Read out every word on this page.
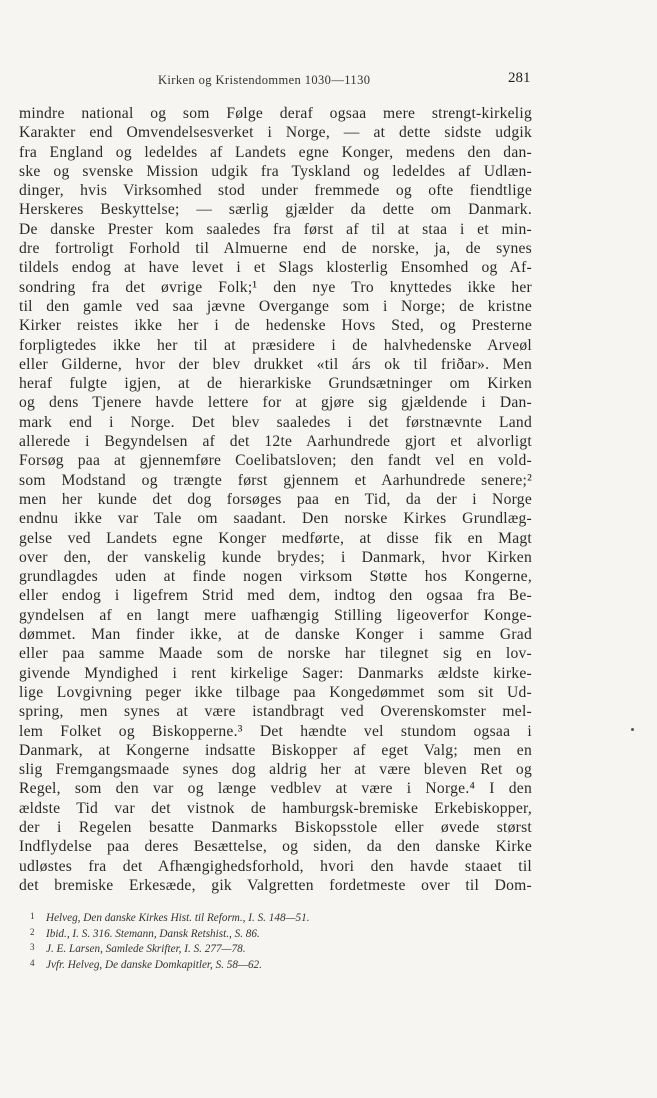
Kirken og Kristendommen 1030—1130	281
mindre national og som Følge deraf ogsaa mere strengt-kirkelig
Karakter end Omvendelsesverket i Norge, — at dette sidste udgik
fra England og ledeldes af Landets egne Konger, medens den dan-
ske og svenske Mission udgik fra Tyskland og ledeldes af Udlæn-
dinger, hvis Virksomhed stod under fremmede og ofte fiendtlige
Herskeres Beskyttelse; — særlig gjælder da dette om Danmark.
De danske Prester kom saaledes fra først af til at staa i et min-
dre fortroligt Forhold til Almuerne end de norske, ja, de synes
tildels endog at have levet i et Slags klosterlig Ensomhed og Af-
sondring fra det øvrige Folk;¹ den nye Tro knyttedes ikke her
til den gamle ved saa jævne Overgange som i Norge; de kristne
Kirker reistes ikke her i de hedenske Hovs Sted, og Presterne
forpligtedes ikke her til at præsidere i de halvhedenske Arveøl
eller Gilderne, hvor der blev drukket «til árs ok til friðar». Men
heraf fulgte igjen, at de hierarkiske Grundsætninger om Kirken
og dens Tjenere havde lettere for at gjøre sig gjældende i Dan-
mark end i Norge. Det blev saaledes i det førstnævnte Land
allerede i Begyndelsen af det 12te Aarhundrede gjort et alvorligt
Forsøg paa at gjennemføre Coelibatsloven; den fandt vel en vold-
som Modstand og trængte først gjennem et Aarhundrede senere;²
men her kunde det dog forsøges paa en Tid, da der i Norge
endnu ikke var Tale om saadant. Den norske Kirkes Grundlæg-
gelse ved Landets egne Konger medførte, at disse fik en Magt
over den, der vanskelig kunde brydes; i Danmark, hvor Kirken
grundlagdes uden at finde nogen virksom Støtte hos Kongerne,
eller endog i ligefrem Strid med dem, indtog den ogsaa fra Be-
gyndelsen af en langt mere uafhængig Stilling ligeoverfor Konge-
dømmet. Man finder ikke, at de danske Konger i samme Grad
eller paa samme Maade som de norske har tilegnet sig en lov-
givende Myndighed i rent kirkelige Sager: Danmarks ældste kirke-
lige Lovgivning peger ikke tilbage paa Kongedømmet som sit Ud-
spring, men synes at være istandbragt ved Overenskomster mel-
lem Folket og Biskopperne.³ Det hændte vel stundom ogsaa i
Danmark, at Kongerne indsatte Biskopper af eget Valg; men en
slig Fremgangsmaade synes dog aldrig her at være bleven Ret og
Regel, som den var og længe vedblev at være i Norge.⁴ I den
ældste Tid var det vistnok de hamburgsk-bremiske Erkebiskopper,
der i Regelen besatte Danmarks Biskopsstole eller øvede størst
Indflydelse paa deres Besættelse, og siden, da den danske Kirke
udløstes fra det Afhængighedsforhold, hvori den havde staaet til
det bremiske Erkesæde, gik Valgretten fordetmeste over til Dom-
1 Helveg, Den danske Kirkes Hist. til Reform., I. S. 148—51.
2 Ibid., I. S. 316. Stemann, Dansk Retshist., S. 86.
3 J. E. Larsen, Samlede Skrifter, I. S. 277—78.
4 Jvfr. Helveg, De danske Domkapitler, S. 58—62.
